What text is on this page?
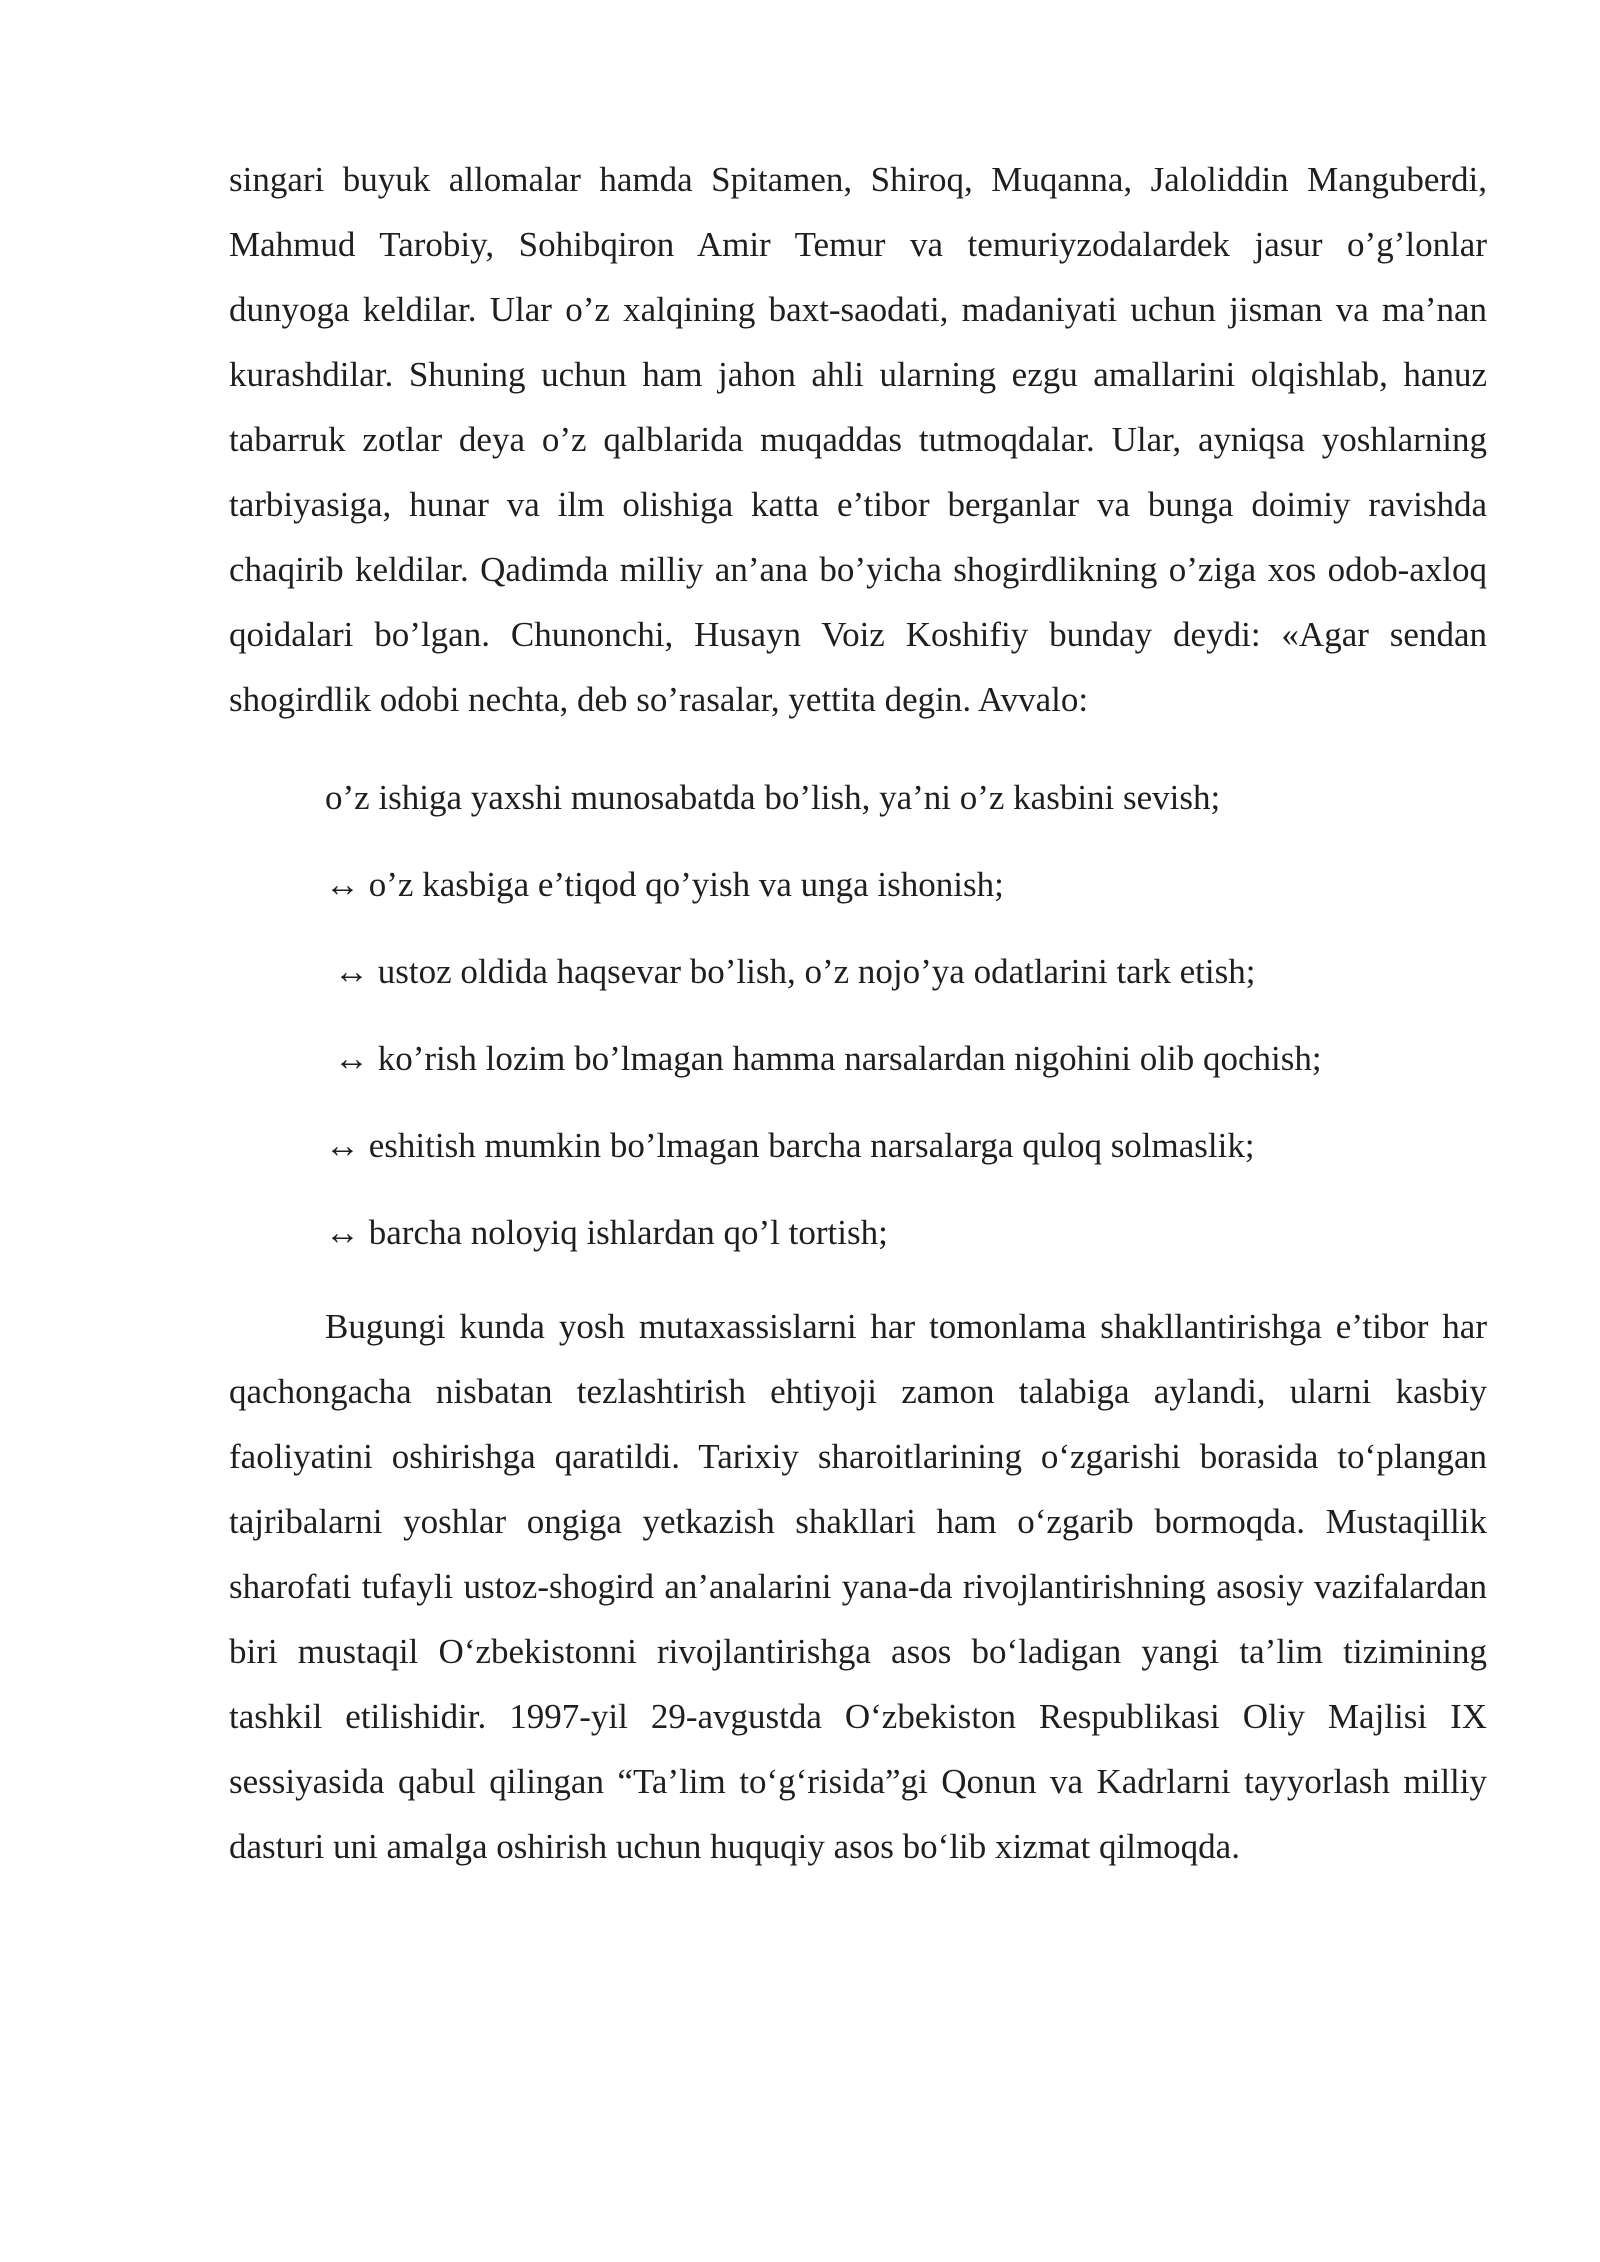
singari buyuk allomalar hamda Spitamen, Shiroq, Muqanna, Jaloliddin Manguberdi, Mahmud Tarobiy, Sohibqiron Amir Temur va temuriyzodalardek jasur o’g’lonlar dunyoga keldilar. Ular o’z xalqining baxt-saodati, madaniyati uchun jisman va ma’nan kurashdilar. Shuning uchun ham jahon ahli ularning ezgu amallarini olqishlab, hanuz tabarruk zotlar deya o’z qalblarida muqaddas tutmoqdalar. Ular, ayniqsa yoshlarning tarbiyasiga, hunar va ilm olishiga katta e’tibor berganlar va bunga doimiy ravishda chaqirib keldilar. Qadimda milliy an’ana bo’yicha shogirdlikning o’ziga xos odob-axloq qoidalari bo’lgan. Chunonchi, Husayn Voiz Koshifiy bunday deydi: «Agar sendan shogirdlik odobi nechta, deb so’rasalar, yettita degin. Avvalo:

o’z ishiga yaxshi munosabatda bo’lish, ya’ni o’z kasbini sevish;
↔ o’z kasbiga e’tiqod qo’yish va unga ishonish;
↔ ustoz oldida haqsevar bo’lish, o’z nojo’ya odatlarini tark etish;
↔ ko’rish lozim bo’lmagan hamma narsalardan nigohini olib qochish;
↔ eshitish mumkin bo’lmagan barcha narsalarga quloq solmaslik;
↔ barcha noloyiq ishlardan qo’l tortish;

Bugungi kunda yosh mutaxassislarni har tomonlama shakllantirishga e’tibor har qachongacha nisbatan tezlashtirish ehtiyoji zamon talabiga aylandi, ularni kasbiy faoliyatini oshirishga qaratildi. Tarixiy sharoitlarining o‘zgarishi borasida to‘plangan tajribalarni yoshlar ongiga yetkazish shakllari ham o‘zgarib bormoqda. Mustaqillik sharofati tufayli ustoz-shogird an’analarini yana-da rivojlantirishning asosiy vazifalardan biri mustaqil O‘zbekistonni rivojlantirishga asos bo‘ladigan yangi ta’lim tizimining tashkil etilishidir. 1997-yil 29-avgustda O‘zbekiston Respublikasi Oliy Majlisi IX sessiyasida qabul qilingan “Ta’lim to‘g‘risida”gi Qonun va Kadrlarni tayyorlash milliy dasturi uni amalga oshirish uchun huquqiy asos bo‘lib xizmat qilmoqda.
